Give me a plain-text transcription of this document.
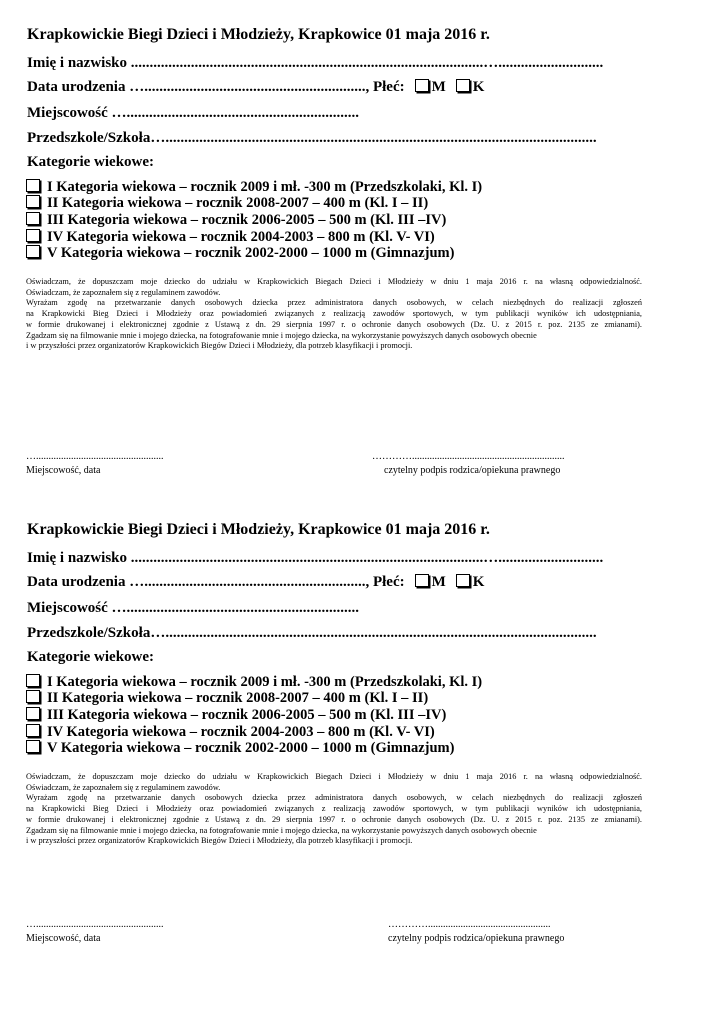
Krapkowickie Biegi Dzieci i Młodzieży, Krapkowice 01 maja 2016 r.
Imię i nazwisko ..............................................................................................…............................
Data urodzenia …..........................................................., Płeć: M K
Miejscowość …..............................................................
Przedszkole/Szkoła…...................................................................................................................
Kategorie wiekowe:
I Kategoria wiekowa – rocznik 2009 i mł. -300 m (Przedszkolaki, Kl. I)
II Kategoria wiekowa – rocznik 2008-2007 – 400 m (Kl. I – II)
III Kategoria wiekowa – rocznik 2006-2005 – 500 m (Kl. III –IV)
IV Kategoria wiekowa – rocznik 2004-2003 – 800 m (Kl. V- VI)
V Kategoria wiekowa – rocznik 2002-2000 – 1000 m (Gimnazjum)

Oświadczam, że dopuszczam moje dziecko do udziału w Krapkowickich Biegach Dzieci i Młodzieży w dniu 1 maja 2016 r. na własną odpowiedzialność.

Oświadczam, że zapoznałem się z regulaminem zawodów.

Wyrażam zgodę na przetwarzanie danych osobowych dziecka przez administratora danych osobowych, w celach niezbędnych do realizacji zgłoszeń

na Krapkowicki Bieg Dzieci i Młodzieży oraz powiadomień związanych z realizacją zawodów sportowych, w tym publikacji wyników ich udostępniania,

w formie drukowanej i elektronicznej zgodnie z Ustawą z dn. 29 sierpnia 1997 r. o ochronie danych osobowych (Dz. U. z 2015 r. poz. 2135 ze zmianami).

Zgadzam się na filmowanie mnie i mojego dziecka, na fotografowanie mnie i mojego dziecka, na wykorzystanie powyższych danych osobowych obecnie

i w przyszłości przez organizatorów Krapkowickich Biegów Dzieci i Młodzieży, dla potrzeb klasyfikacji i promocji.

…...................................................
Miejscowość, data
………….............................................................
czytelny podpis rodzica/opiekuna prawnego
Krapkowickie Biegi Dzieci i Młodzieży, Krapkowice 01 maja 2016 r.
Imię i nazwisko ..............................................................................................…............................
Data urodzenia …..........................................................., Płeć: M K
Miejscowość …..............................................................
Przedszkole/Szkoła…...................................................................................................................
Kategorie wiekowe:
I Kategoria wiekowa – rocznik 2009 i mł. -300 m (Przedszkolaki, Kl. I)
II Kategoria wiekowa – rocznik 2008-2007 – 400 m (Kl. I – II)
III Kategoria wiekowa – rocznik 2006-2005 – 500 m (Kl. III –IV)
IV Kategoria wiekowa – rocznik 2004-2003 – 800 m (Kl. V- VI)
V Kategoria wiekowa – rocznik 2002-2000 – 1000 m (Gimnazjum)

Oświadczam, że dopuszczam moje dziecko do udziału w Krapkowickich Biegach Dzieci i Młodzieży w dniu 1 maja 2016 r. na własną odpowiedzialność.

Oświadczam, że zapoznałem się z regulaminem zawodów.

Wyrażam zgodę na przetwarzanie danych osobowych dziecka przez administratora danych osobowych, w celach niezbędnych do realizacji zgłoszeń

na Krapkowicki Bieg Dzieci i Młodzieży oraz powiadomień związanych z realizacją zawodów sportowych, w tym publikacji wyników ich udostępniania,

w formie drukowanej i elektronicznej zgodnie z Ustawą z dn. 29 sierpnia 1997 r. o ochronie danych osobowych (Dz. U. z 2015 r. poz. 2135 ze zmianami).

Zgadzam się na filmowanie mnie i mojego dziecka, na fotografowanie mnie i mojego dziecka, na wykorzystanie powyższych danych osobowych obecnie

i w przyszłości przez organizatorów Krapkowickich Biegów Dzieci i Młodzieży, dla potrzeb klasyfikacji i promocji.

…...................................................
Miejscowość, data
………….................................................
czytelny podpis rodzica/opiekuna prawnego
